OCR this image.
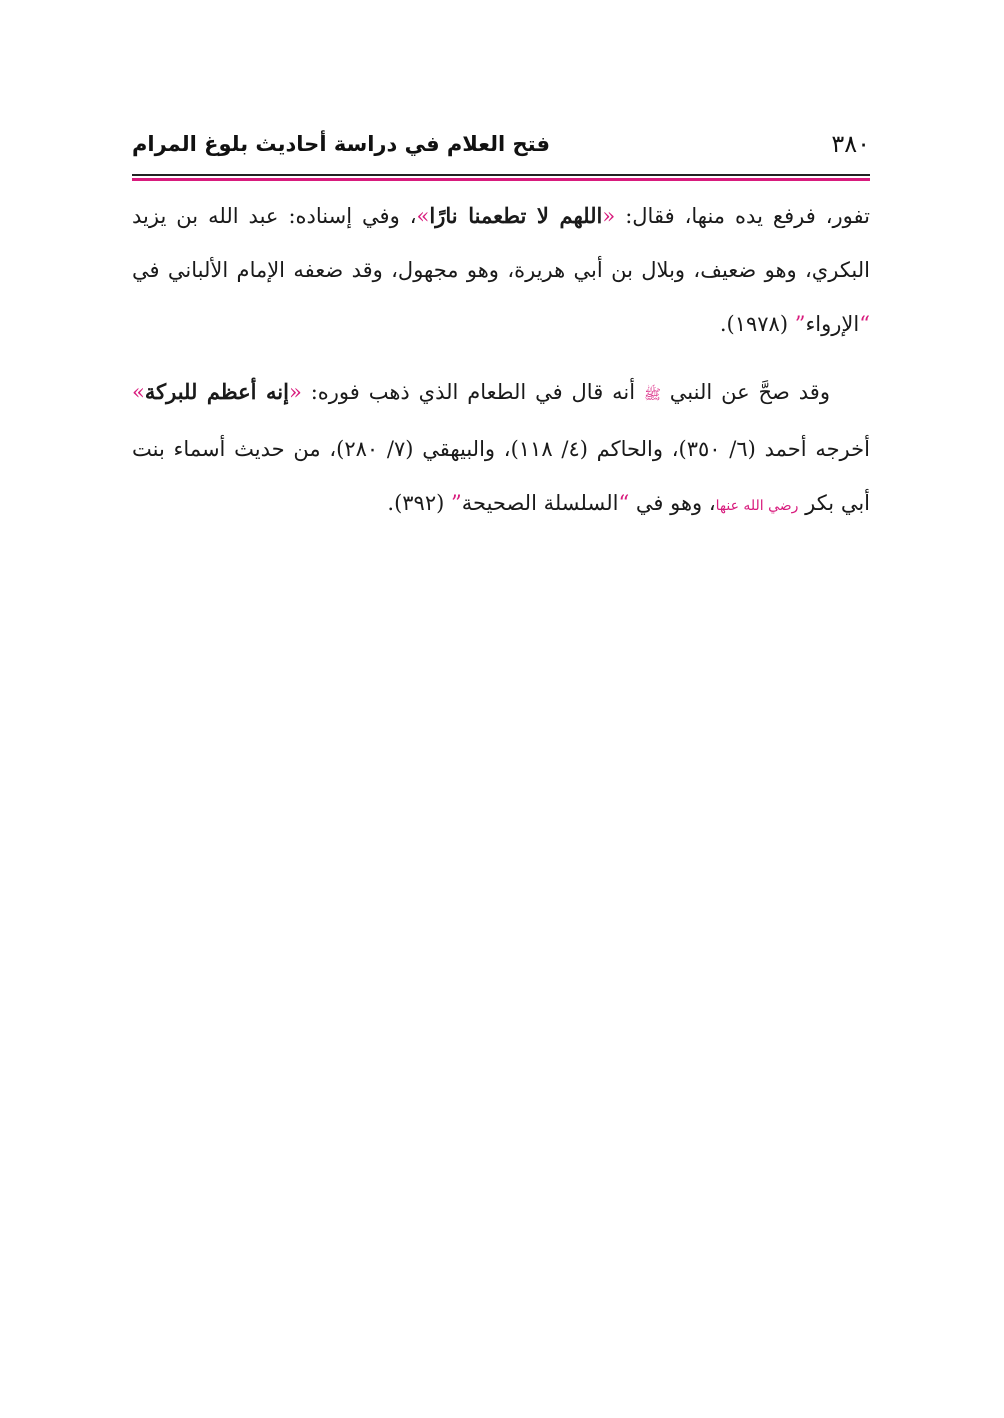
٣٨٠
فتح العلام في دراسة أحاديث بلوغ المرام

تفور، فرفع يده منها، فقال: «اللهم لا تطعمنا نارًا»، وفي إسناده: عبد الله بن يزيد البكري، وهو ضعيف، وبلال بن أبي هريرة، وهو مجهول، وقد ضعفه الإمام الألباني في “الإرواء” (١٩٧٨).

وقد صحَّ عن النبي ﷺ أنه قال في الطعام الذي ذهب فوره: «إنه أعظم للبركة» أخرجه أحمد (٦/ ٣٥٠)، والحاكم (٤/ ١١٨)، والبيهقي (٧/ ٢٨٠)، من حديث أسماء بنت أبي بكر رضي الله عنها، وهو في “السلسلة الصحيحة” (٣٩٢).
